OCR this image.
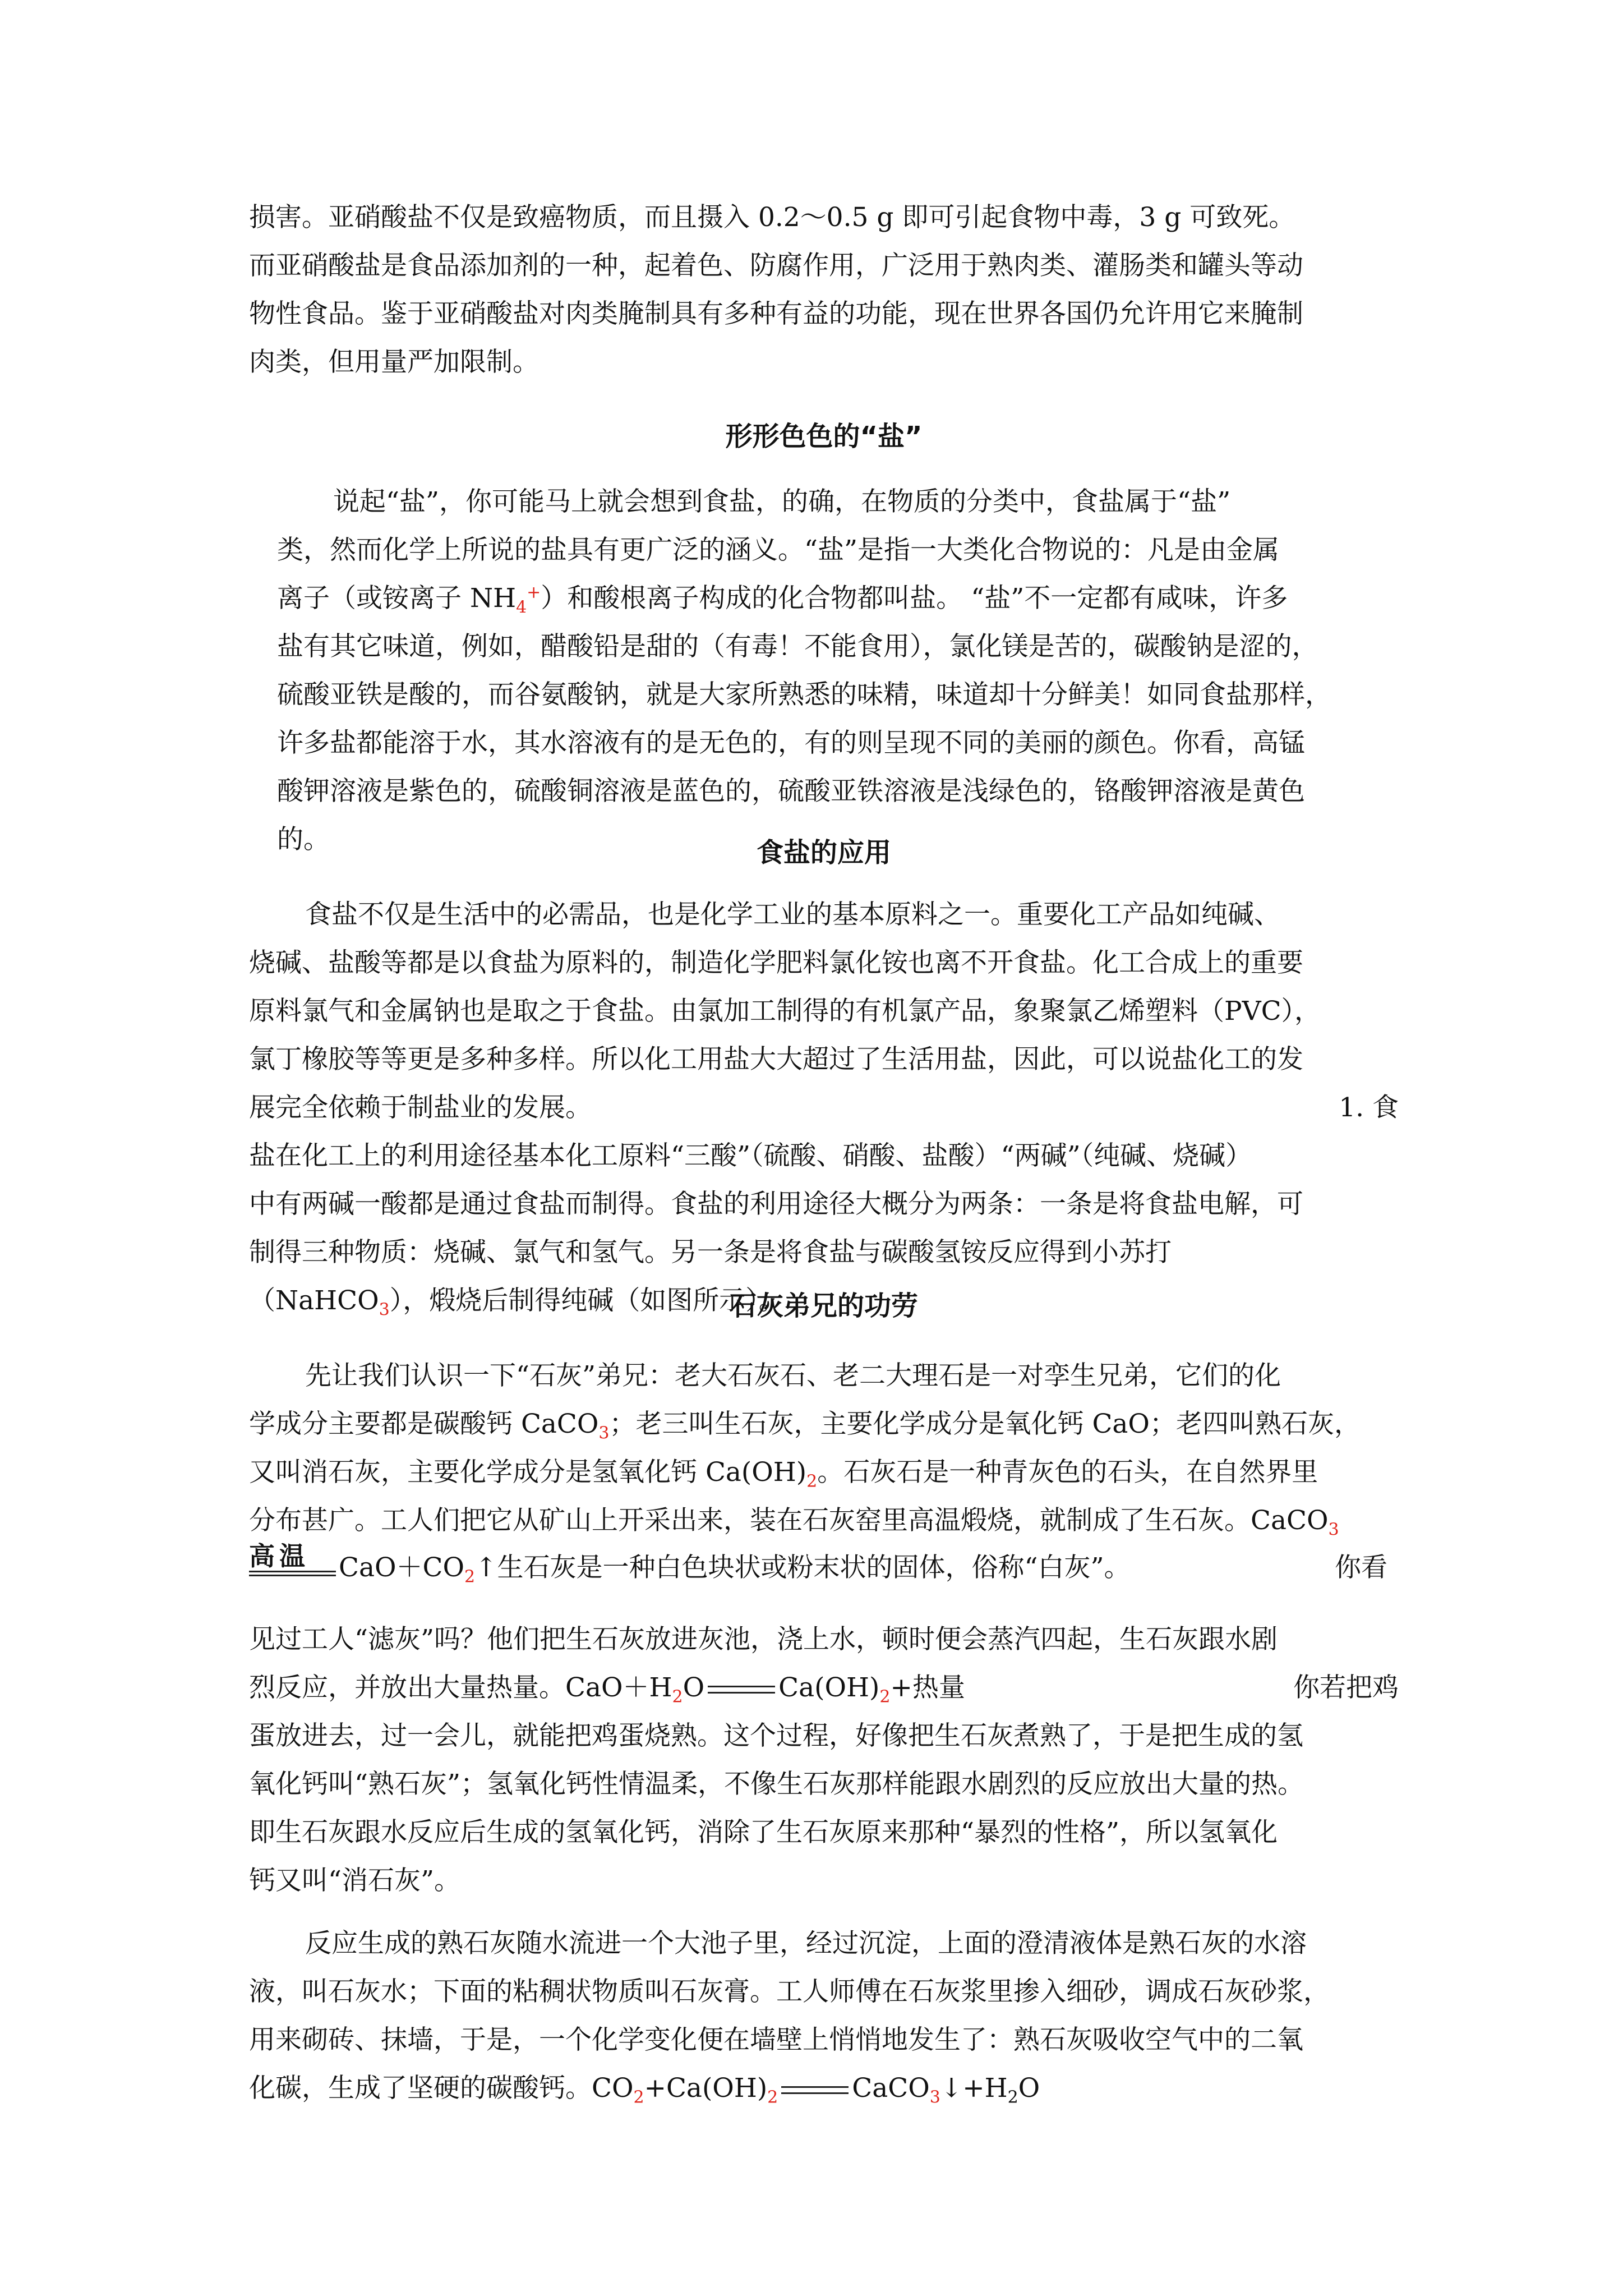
损害。亚硝酸盐不仅是致癌物质，而且摄入 0.2～0.5 g 即可引起食物中毒，3 g 可致死。

而亚硝酸盐是食品添加剂的一种，起着色、防腐作用，广泛用于熟肉类、灌肠类和罐头等动

物性食品。鉴于亚硝酸盐对肉类腌制具有多种有益的功能，现在世界各国仍允许用它来腌制

肉类，但用量严加限制。

形形色色的“盐”

说起“盐”，你可能马上就会想到食盐，的确，在物质的分类中，食盐属于“盐”

类，然而化学上所说的盐具有更广泛的涵义。“盐”是指一大类化合物说的：凡是由金属

离子（或铵离子 $NH_4^+$）和酸根离子构成的化合物都叫盐。 “盐”不一定都有咸味，许多

盐有其它味道，例如，醋酸铅是甜的（有毒！不能食用），氯化镁是苦的，碳酸钠是涩的，

硫酸亚铁是酸的，而谷氨酸钠，就是大家所熟悉的味精，味道却十分鲜美！如同食盐那样，

许多盐都能溶于水，其水溶液有的是无色的，有的则呈现不同的美丽的颜色。你看，高锰

酸钾溶液是紫色的，硫酸铜溶液是蓝色的，硫酸亚铁溶液是浅绿色的，铬酸钾溶液是黄色

的。	食盐的应用

食盐不仅是生活中的必需品，也是化学工业的基本原料之一。重要化工产品如纯碱、

烧碱、盐酸等都是以食盐为原料的，制造化学肥料氯化铵也离不开食盐。化工合成上的重要

原料氯气和金属钠也是取之于食盐。由氯加工制得的有机氯产品，象聚氯乙烯塑料（PVC），

氯丁橡胶等等更是多种多样。所以化工用盐大大超过了生活用盐，因此，可以说盐化工的发

展完全依赖于制盐业的发展。	1. 食

盐在化工上的利用途径基本化工原料“三酸”（硫酸、硝酸、盐酸）“两碱”（纯碱、烧碱）

中有两碱一酸都是通过食盐而制得。食盐的利用途径大概分为两条：一条是将食盐电解，可

制得三种物质：烧碱、氯气和氢气。另一条是将食盐与碳酸氢铵反应得到小苏打

（NaHCO$_3$），煅烧后制得纯碱（如图所示）。

石灰弟兄的功劳

先让我们认识一下“石灰”弟兄：老大石灰石、老二大理石是一对孪生兄弟，它们的化

学成分主要都是碳酸钙 CaCO$_3$；老三叫生石灰，主要化学成分是氧化钙 CaO；老四叫熟石灰，

又叫消石灰，主要化学成分是氢氧化钙 $Ca(OH)_2$。石灰石是一种青灰色的石头，在自然界里

分布甚广。工人们把它从矿山上开采出来，装在石灰窑里高温煅烧，就制成了生石灰。CaCO$_3$

高温	$CaO+CO_2↑$生石灰是一种白色块状或粉末状的固体，俗称“白灰”。	你看

见过工人“滤灰”吗？他们把生石灰放进灰池，浇上水，顿时便会蒸汽四起，生石灰跟水剧

烈反应，并放出大量热量。$CaO+H_2O$	$Ca(OH)_2+$热量	你若把鸡

蛋放进去，过一会儿，就能把鸡蛋烧熟。这个过程，好像把生石灰煮熟了，于是把生成的氢

氧化钙叫“熟石灰”；氢氧化钙性情温柔，不像生石灰那样能跟水剧烈的反应放出大量的热。

即生石灰跟水反应后生成的氢氧化钙，消除了生石灰原来那种“暴烈的性格”，所以氢氧化

钙又叫“消石灰”。

反应生成的熟石灰随水流进一个大池子里，经过沉淀，上面的澄清液体是熟石灰的水溶

液，叫石灰水；下面的粘稠状物质叫石灰膏。工人师傅在石灰浆里掺入细砂，调成石灰砂浆，

用来砌砖、抹墙，于是，一个化学变化便在墙壁上悄悄地发生了：熟石灰吸收空气中的二氧

化碳，生成了坚硬的碳酸钙。$CO_2+Ca(OH)_2$	$CaCO_3↓+H_2O$
